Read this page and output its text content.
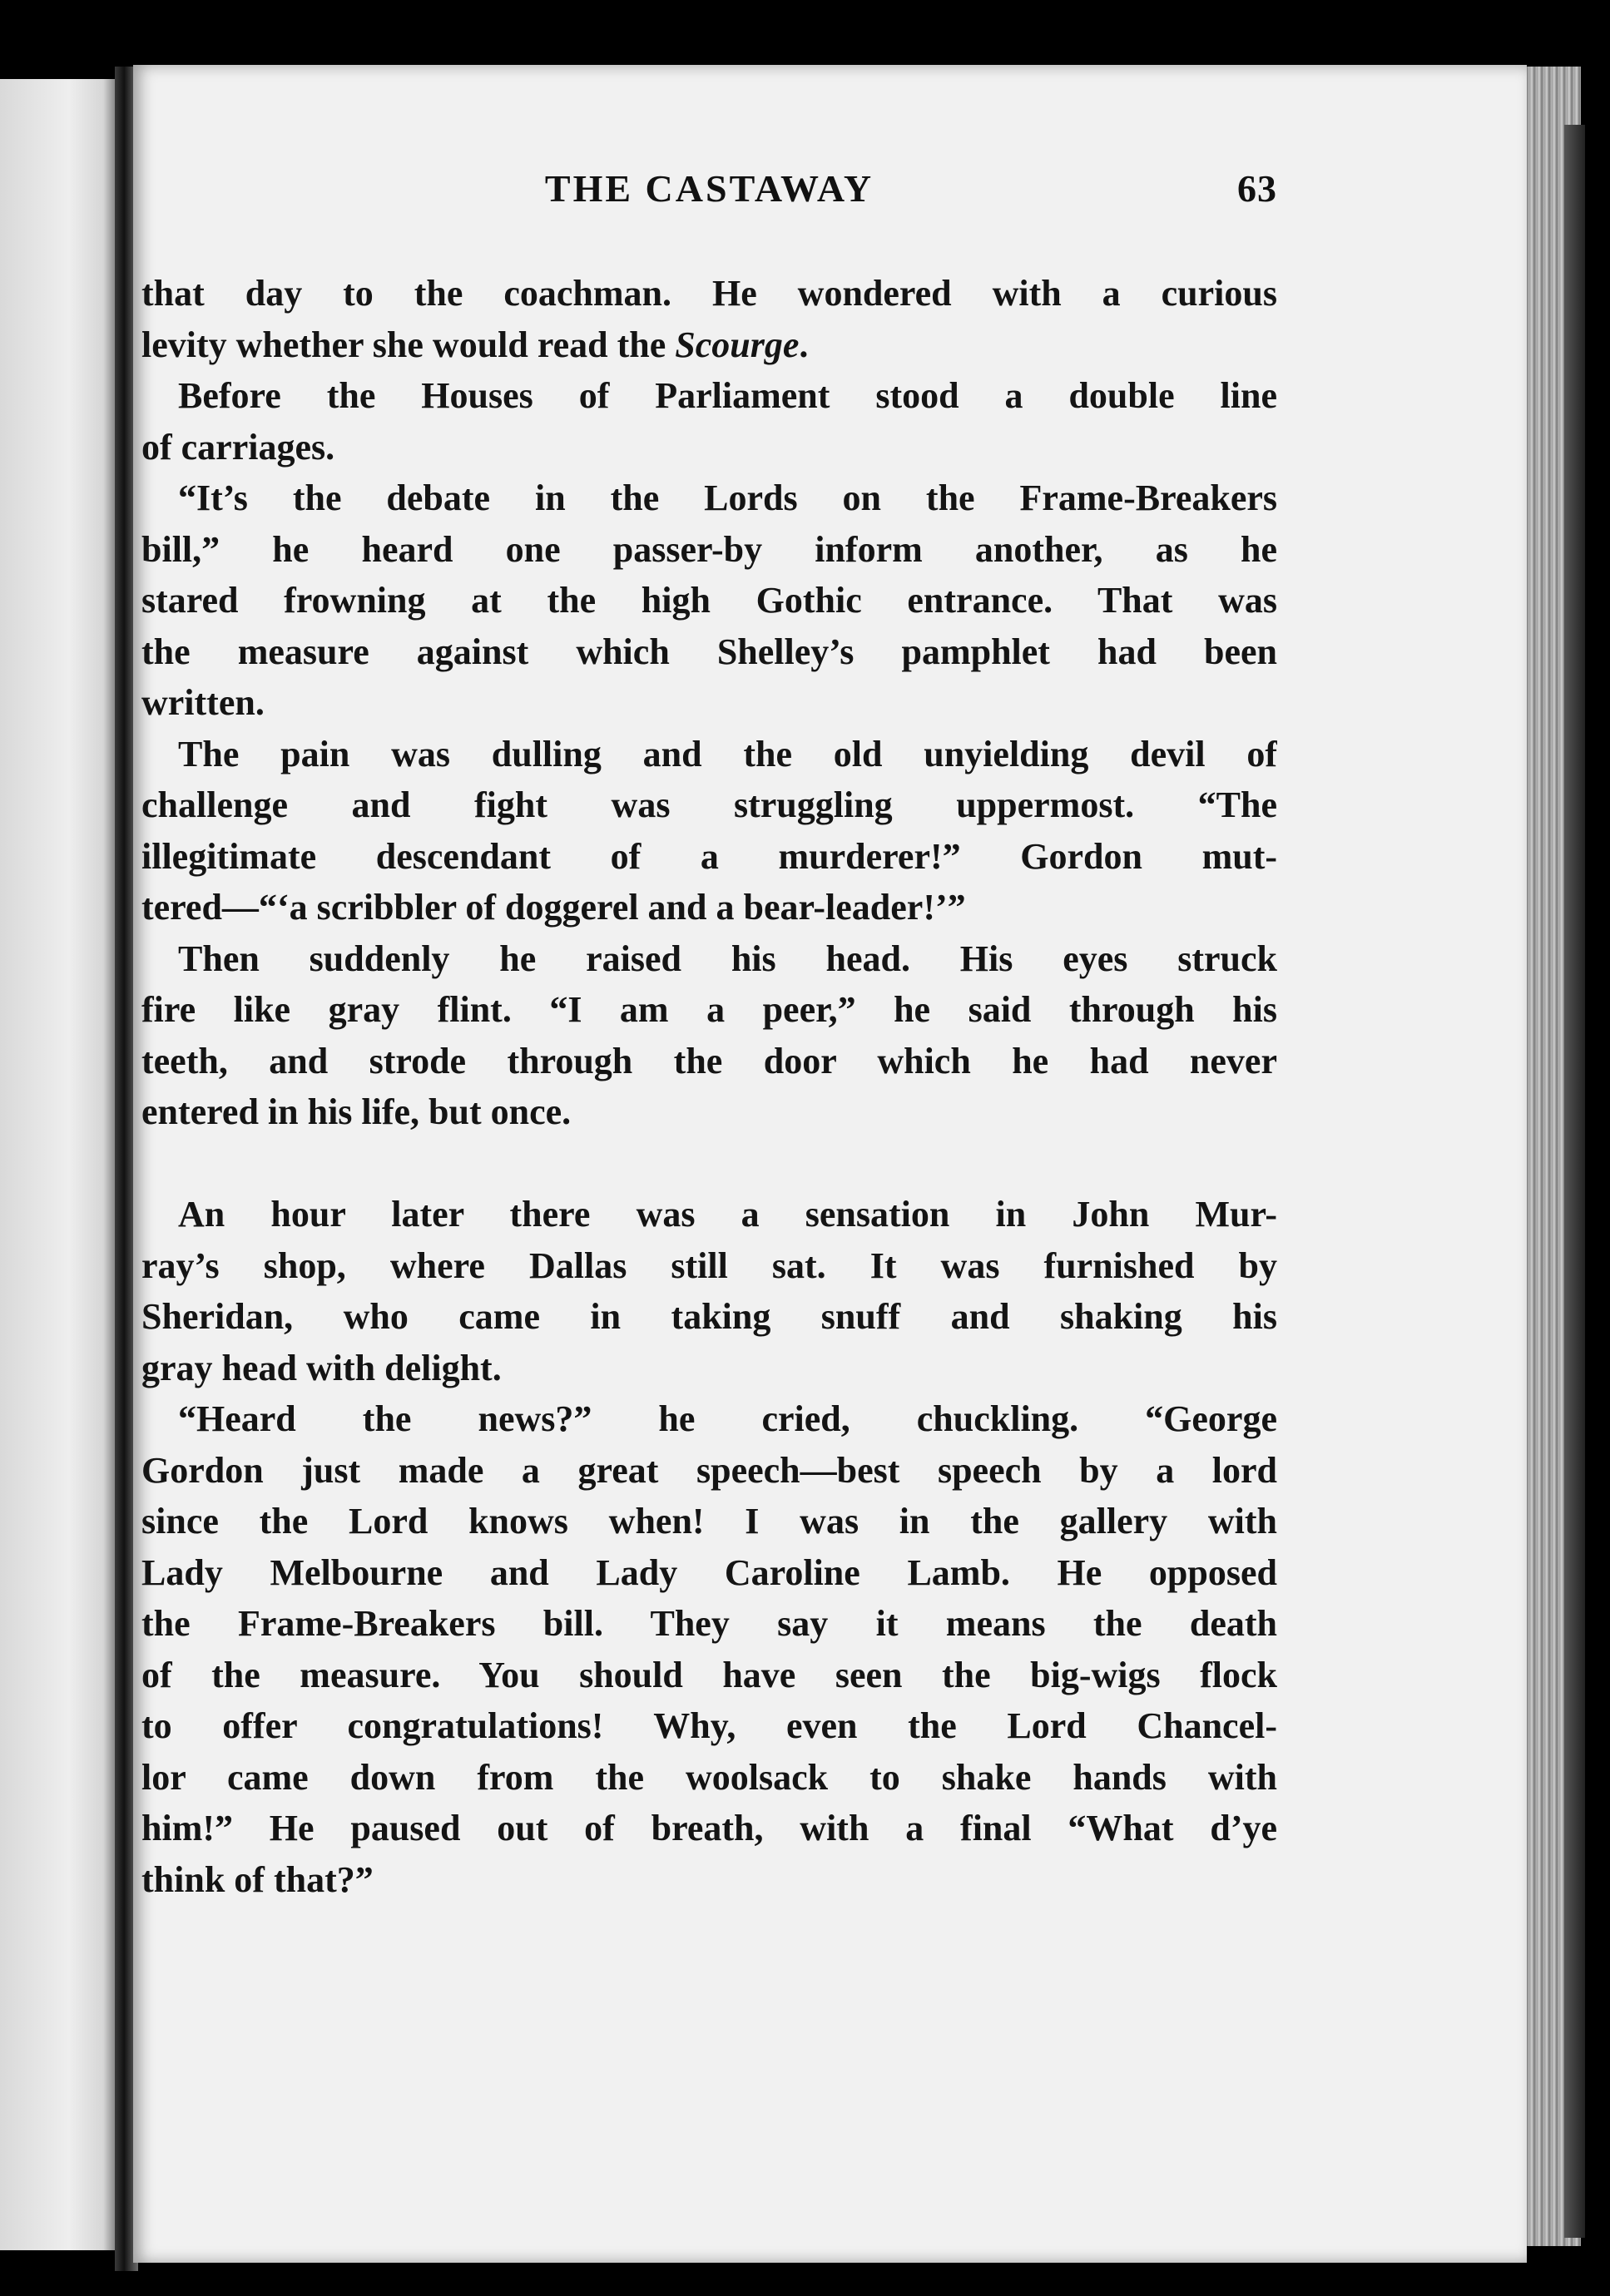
THE CASTAWAY	63
that day to the coachman. He wondered with a curious
levity whether she would read the Scourge.
Before the Houses of Parliament stood a double line
of carriages.
“It’s the debate in the Lords on the Frame-Breakers
bill,” he heard one passer-by inform another, as he
stared frowning at the high Gothic entrance. That was
the measure against which Shelley’s pamphlet had been
written.
The pain was dulling and the old unyielding devil of
challenge and fight was struggling uppermost. “The
illegitimate descendant of a murderer!” Gordon mut-
tered—“‘a scribbler of doggerel and a bear-leader!’”
Then suddenly he raised his head. His eyes struck
fire like gray flint. “I am a peer,” he said through his
teeth, and strode through the door which he had never
entered in his life, but once.
An hour later there was a sensation in John Mur-
ray’s shop, where Dallas still sat. It was furnished by
Sheridan, who came in taking snuff and shaking his
gray head with delight.
“Heard the news?” he cried, chuckling. “George
Gordon just made a great speech—best speech by a lord
since the Lord knows when! I was in the gallery with
Lady Melbourne and Lady Caroline Lamb. He opposed
the Frame-Breakers bill. They say it means the death
of the measure. You should have seen the big-wigs flock
to offer congratulations! Why, even the Lord Chancel-
lor came down from the woolsack to shake hands with
him!” He paused out of breath, with a final “What d’ye
think of that?”
